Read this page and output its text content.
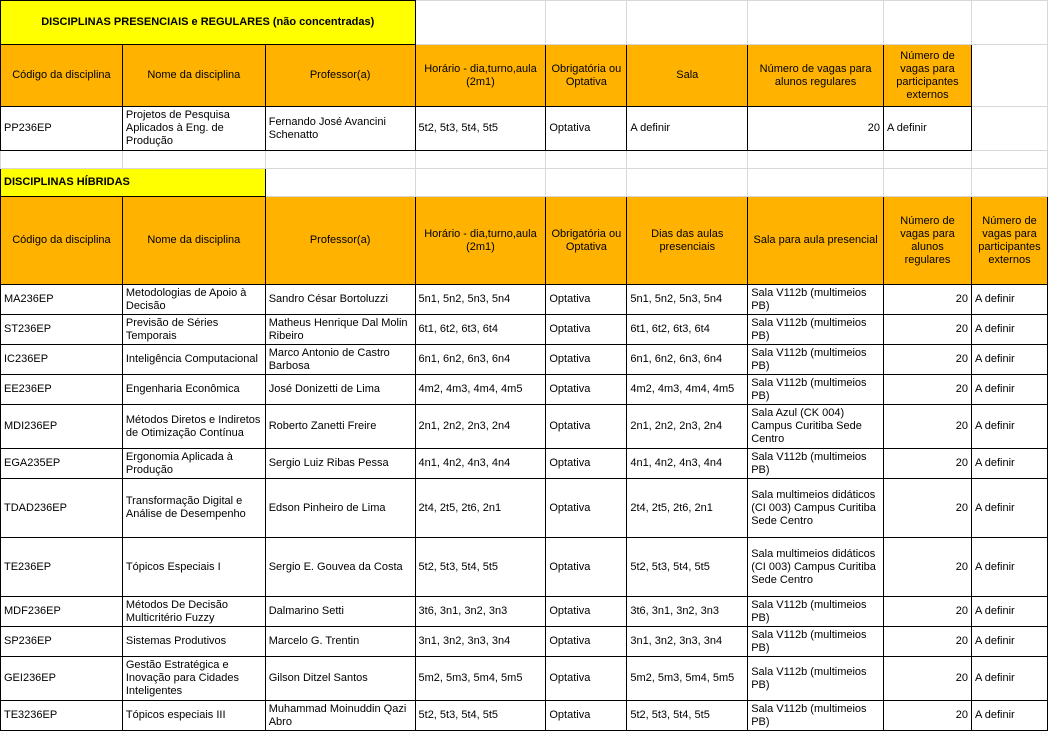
DISCIPLINAS PRESENCIAIS e REGULARES (não concentradas)								
Código da disciplina	Nome da disciplina	Professor(a)	Horário - dia,turno,aula (2m1)	Obrigatória ou Optativa	Sala	Número de vagas para alunos regulares	Número de vagas para participantes externos	
PP236EP	Projetos de Pesquisa Aplicados à Eng. de Produção	Fernando José Avancini Schenatto	5t2, 5t3, 5t4, 5t5	Optativa	A definir	20	A definir	

DISCIPLINAS HÍBRIDAS								
Código da disciplina	Nome da disciplina	Professor(a)	Horário - dia,turno,aula (2m1)	Obrigatória ou Optativa	Dias das aulas presenciais	Sala para aula presencial	Número de vagas para alunos regulares	Número de vagas para participantes externos
MA236EP	Metodologias de Apoio à Decisão	Sandro César Bortoluzzi	5n1, 5n2, 5n3, 5n4	Optativa	5n1, 5n2, 5n3, 5n4	Sala V112b (multimeios PB)	20	A definir
ST236EP	Previsão de Séries Temporais	Matheus Henrique Dal Molin Ribeiro	6t1, 6t2, 6t3, 6t4	Optativa	6t1, 6t2, 6t3, 6t4	Sala V112b (multimeios PB)	20	A definir
IC236EP	Inteligência Computacional	Marco Antonio de Castro Barbosa	6n1, 6n2, 6n3, 6n4	Optativa	6n1, 6n2, 6n3, 6n4	Sala V112b (multimeios PB)	20	A definir
EE236EP	Engenharia Econômica	José Donizetti de Lima	4m2, 4m3, 4m4, 4m5	Optativa	4m2, 4m3, 4m4, 4m5	Sala V112b (multimeios PB)	20	A definir
MDI236EP	Métodos Diretos e Indiretos de Otimização Contínua	Roberto Zanetti Freire	2n1, 2n2, 2n3, 2n4	Optativa	2n1, 2n2, 2n3, 2n4	Sala Azul (CK 004) Campus Curitiba Sede Centro	20	A definir
EGA235EP	Ergonomia Aplicada à Produção	Sergio Luiz Ribas Pessa	4n1, 4n2, 4n3, 4n4	Optativa	4n1, 4n2, 4n3, 4n4	Sala V112b (multimeios PB)	20	A definir
TDAD236EP	Transformação Digital e Análise de Desempenho	Edson Pinheiro de Lima	2t4, 2t5, 2t6, 2n1	Optativa	2t4, 2t5, 2t6, 2n1	Sala multimeios didáticos (CI 003) Campus Curitiba Sede Centro	20	A definir
TE236EP	Tópicos Especiais I	Sergio E. Gouvea da Costa	5t2, 5t3, 5t4, 5t5	Optativa	5t2, 5t3, 5t4, 5t5	Sala multimeios didáticos (CI 003) Campus Curitiba Sede Centro	20	A definir
MDF236EP	Métodos De Decisão Multicritério Fuzzy	Dalmarino Setti	3t6, 3n1, 3n2, 3n3	Optativa	3t6, 3n1, 3n2, 3n3	Sala V112b (multimeios PB)	20	A definir
SP236EP	Sistemas Produtivos	Marcelo G. Trentin	3n1, 3n2, 3n3, 3n4	Optativa	3n1, 3n2, 3n3, 3n4	Sala V112b (multimeios PB)	20	A definir
GEI236EP	Gestão Estratégica e Inovação para Cidades Inteligentes	Gilson Ditzel Santos	5m2, 5m3, 5m4, 5m5	Optativa	5m2, 5m3, 5m4, 5m5	Sala V112b (multimeios PB)	20	A definir
TE3236EP	Tópicos especiais III	Muhammad Moinuddin Qazi Abro	5t2, 5t3, 5t4, 5t5	Optativa	5t2, 5t3, 5t4, 5t5	Sala V112b (multimeios PB)	20	A definir
